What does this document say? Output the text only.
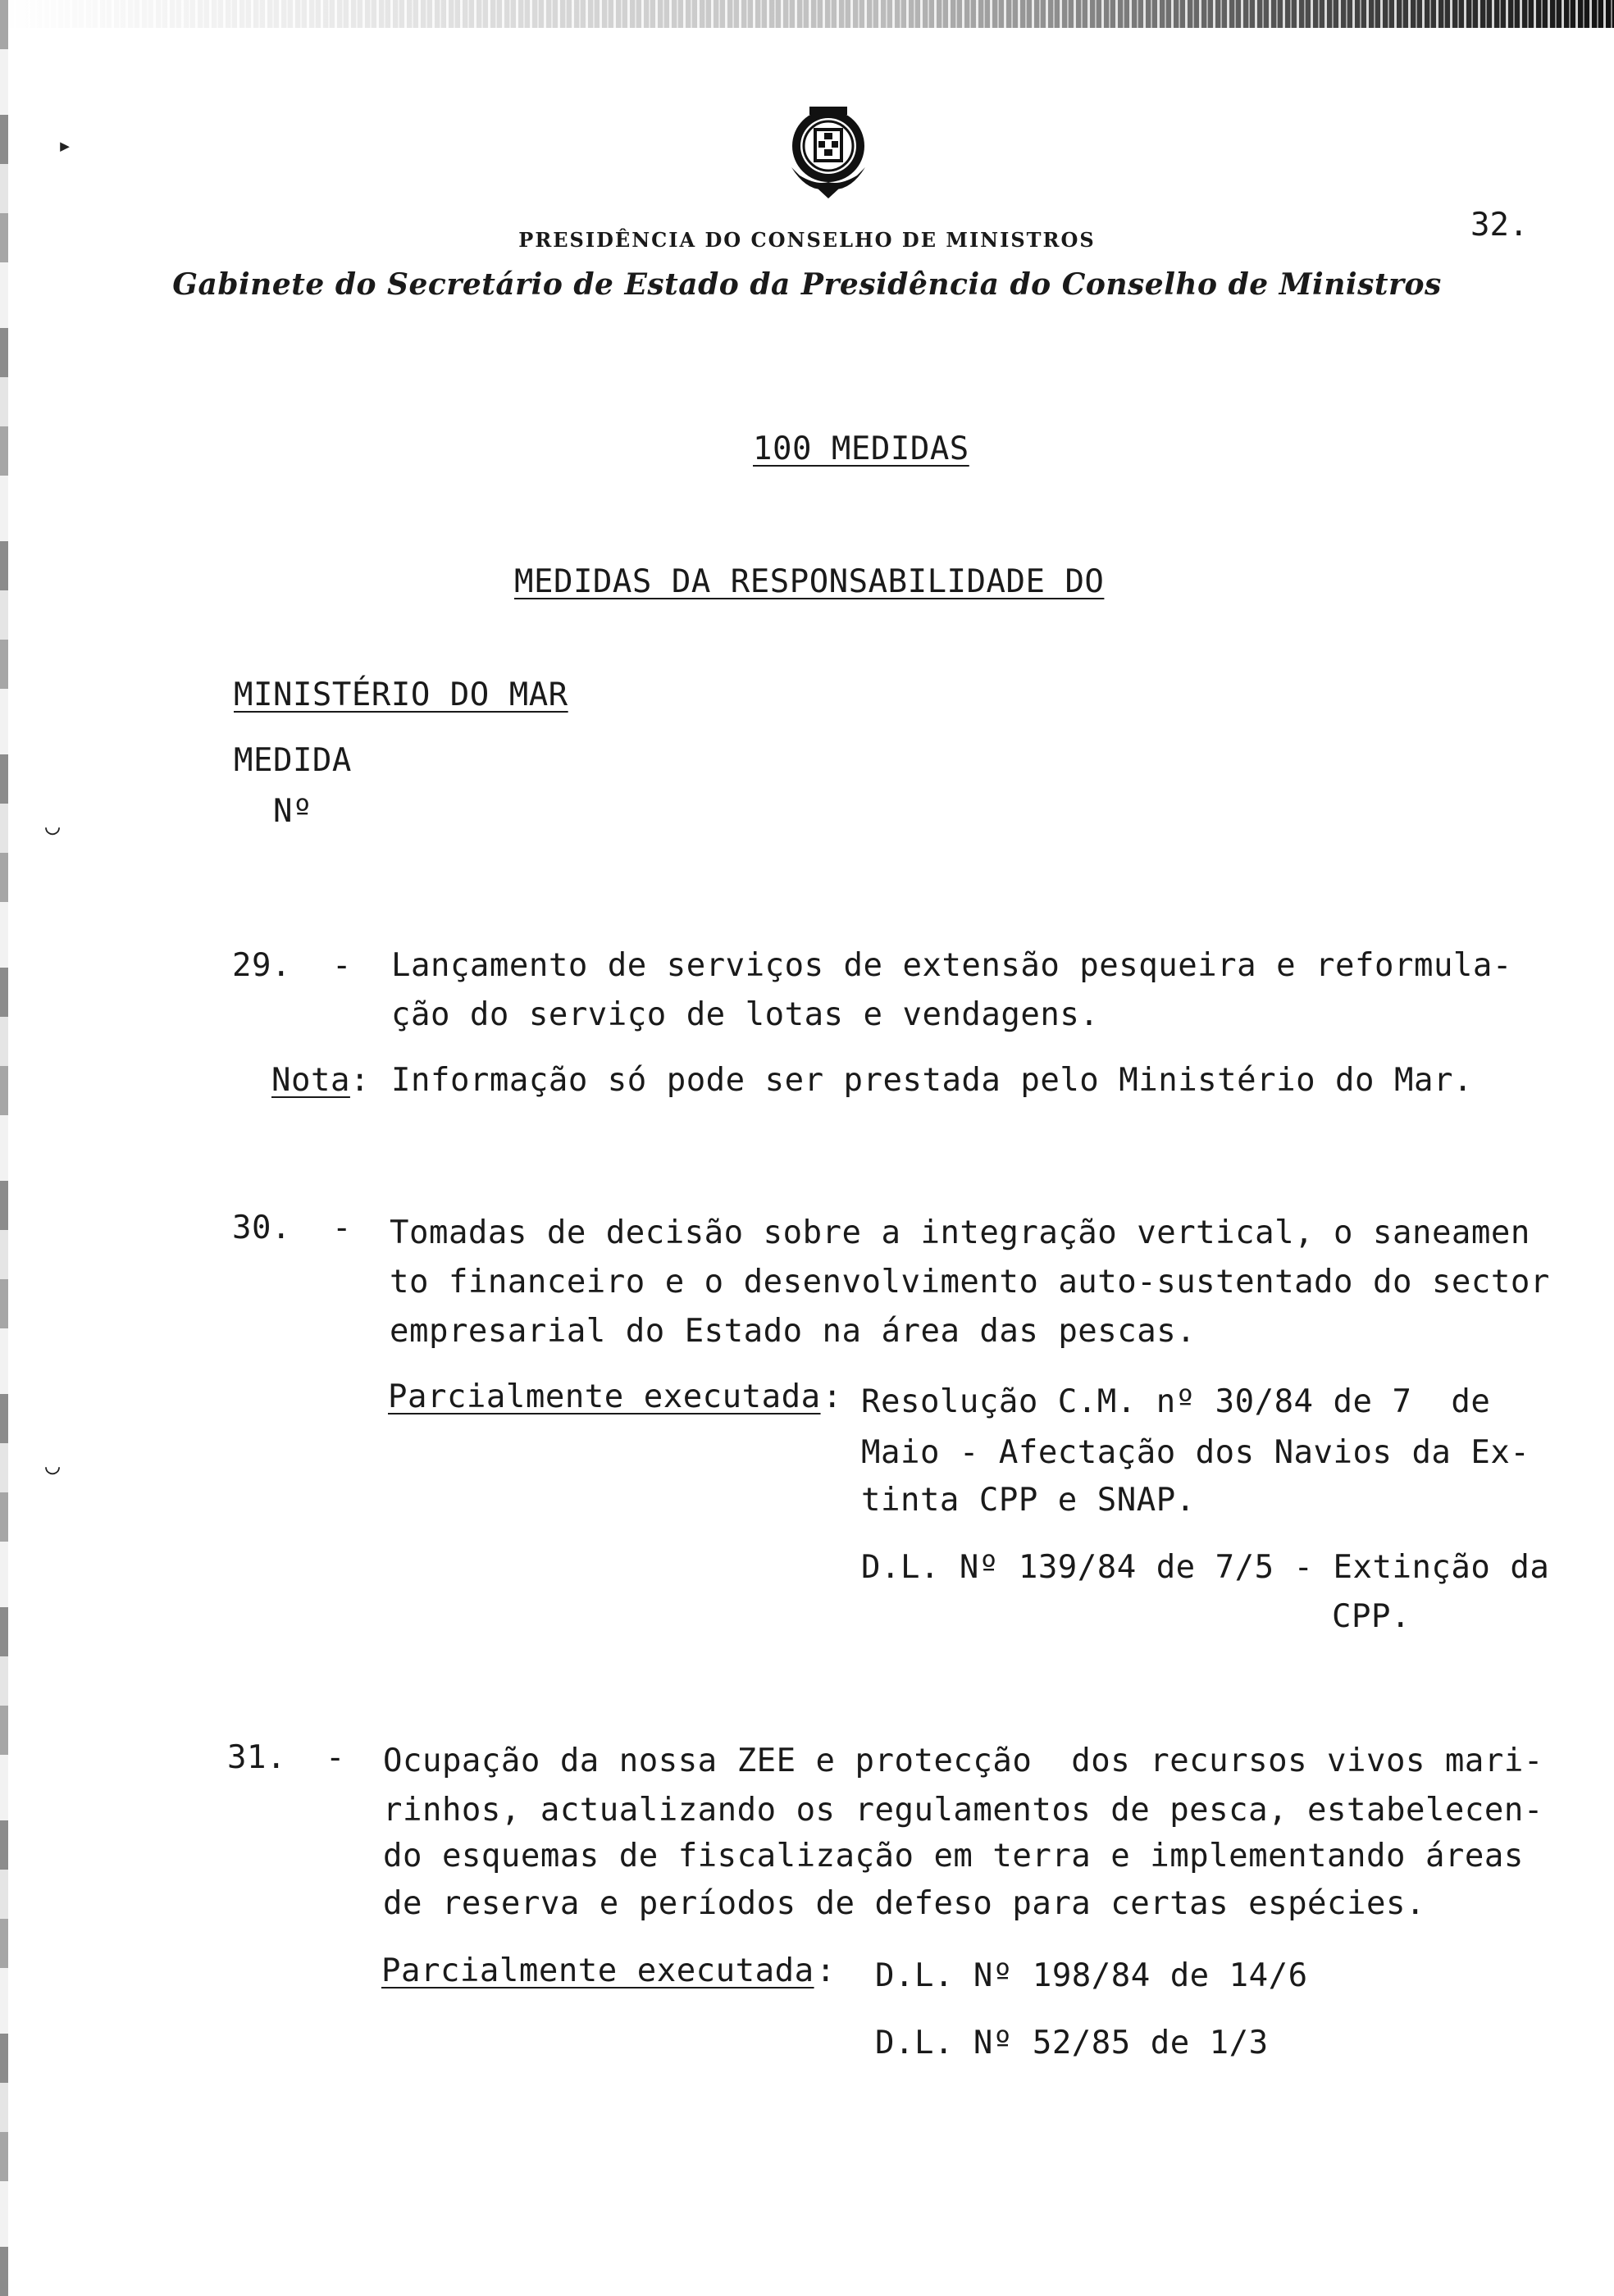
▸
◡
◡
32.
PRESIDÊNCIA DO CONSELHO DE MINISTROS
Gabinete do Secretário de Estado da Presidência do Conselho de Ministros
100 MEDIDAS
MEDIDAS DA RESPONSABILIDADE DO
MINISTÉRIO DO MAR
MEDIDA
Nº
29. - Lançamento de serviços de extensão pesqueira e reformula-
ção do serviço de lotas e vendagens.
Nota : Informação só pode ser prestada pelo Ministério do Mar.
30. - Tomadas de decisão sobre a integração vertical, o saneamen
to financeiro e o desenvolvimento auto-sustentado do sector
empresarial do Estado na área das pescas.
Parcialmente executada : Resolução C.M. nº 30/84 de 7  de
Maio - Afectação dos Navios da Ex-
tinta CPP e SNAP.
D.L. Nº 139/84 de 7/5 - Extinção da
CPP.
31. - Ocupação da nossa ZEE e protecção  dos recursos vivos mari-
rinhos, actualizando os regulamentos de pesca, estabelecen-
do esquemas de fiscalização em terra e implementando áreas
de reserva e períodos de defeso para certas espécies.
Parcialmente executada : D.L. Nº 198/84 de 14/6
D.L. Nº 52/85 de 1/3
